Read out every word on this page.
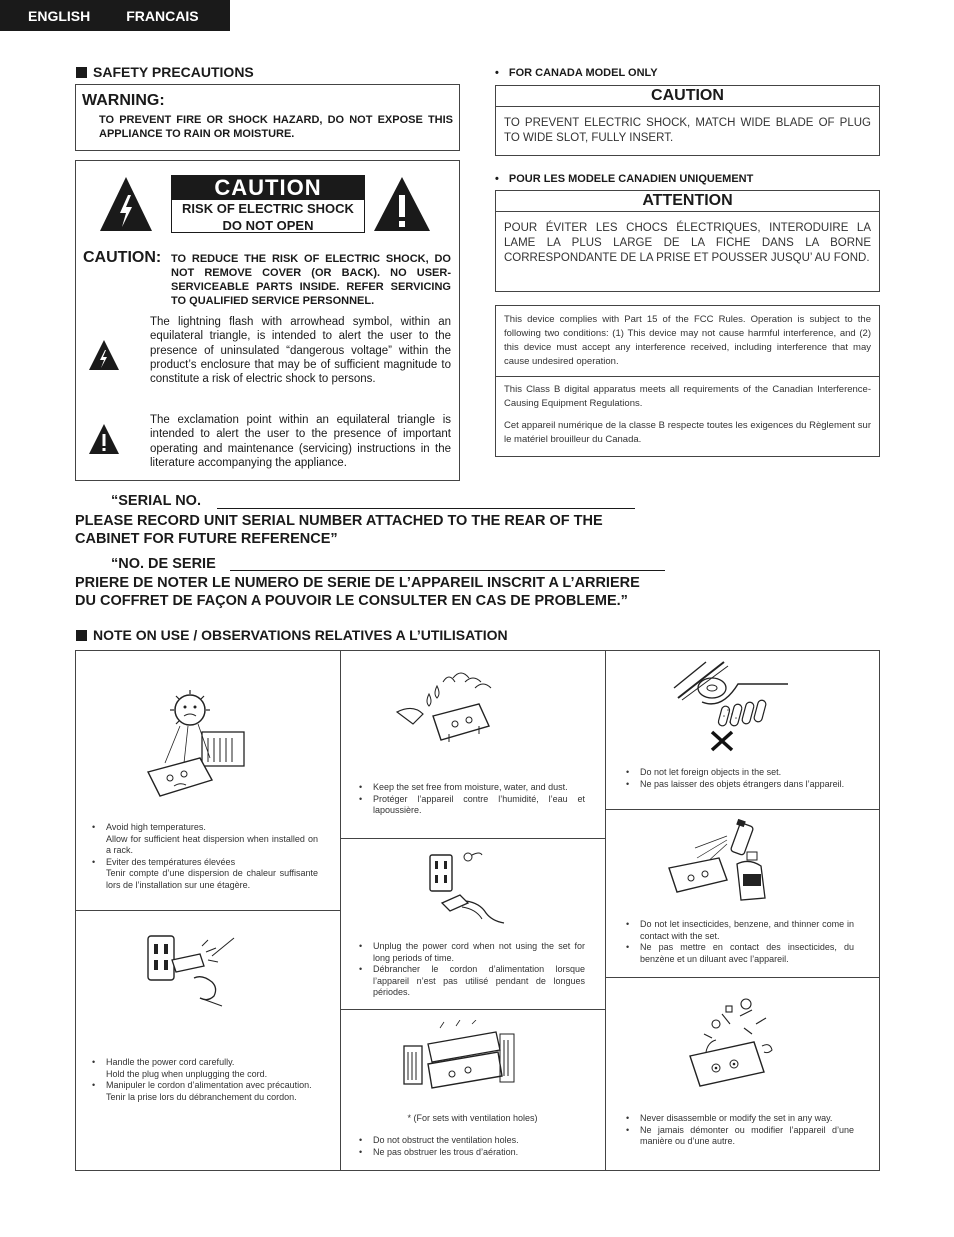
ENGLISH	FRANCAIS
SAFETY PRECAUTIONS
WARNING:
TO PREVENT FIRE OR SHOCK HAZARD, DO NOT EXPOSE THIS APPLIANCE TO RAIN OR MOISTURE.
CAUTION
RISK OF ELECTRIC SHOCK
DO NOT OPEN
CAUTION: TO REDUCE THE RISK OF ELECTRIC SHOCK, DO NOT REMOVE COVER (OR BACK). NO USER-SERVICEABLE PARTS INSIDE. REFER SERVICING TO QUALIFIED SERVICE PERSONNEL.
The lightning flash with arrowhead symbol, within an equilateral triangle, is intended to alert the user to the presence of uninsulated “dangerous voltage” within the product’s enclosure that may be of sufficient magnitude to constitute a risk of electric shock to persons.
The exclamation point within an equilateral triangle is intended to alert the user to the presence of important operating and maintenance (servicing) instructions in the literature accompanying the appliance.
• FOR CANADA MODEL ONLY
CAUTION
TO PREVENT ELECTRIC SHOCK, MATCH WIDE BLADE OF PLUG TO WIDE SLOT, FULLY INSERT.
• POUR LES MODELE CANADIEN UNIQUEMENT
ATTENTION
POUR ÉVITER LES CHOCS ÉLECTRIQUES, INTERODUIRE LA LAME LA PLUS LARGE DE LA FICHE DANS LA BORNE CORRESPONDANTE DE LA PRISE ET POUSSER JUSQU’ AU FOND.
This device complies with Part 15 of the FCC Rules. Operation is subject to the following two conditions: (1) This device may not cause harmful interference, and (2) this device must accept any interference received, including interference that may cause undesired operation.
This Class B digital apparatus meets all requirements of the Canadian Interference-Causing Equipment Regulations.
Cet appareil numérique de la classe B respecte toutes les exigences du Règlement sur le matériel brouilleur du Canada.
“SERIAL NO.
PLEASE RECORD UNIT SERIAL NUMBER ATTACHED TO THE REAR OF THE
CABINET FOR FUTURE REFERENCE”
“NO. DE SERIE
PRIERE DE NOTER LE NUMERO DE SERIE DE L’APPAREIL INSCRIT A L’ARRIERE
DU COFFRET DE FAÇON A POUVOIR LE CONSULTER EN CAS DE PROBLEME.”
NOTE ON USE / OBSERVATIONS RELATIVES A L’UTILISATION
• Avoid high temperatures.
Allow for sufficient heat dispersion when installed on a rack.
• Eviter des températures élevées
Tenir compte d’une dispersion de chaleur suffisante lors de l’installation sur une étagère.
• Handle the power cord carefully.
Hold the plug when unplugging the cord.
• Manipuler le cordon d’alimentation avec précaution.
Tenir la prise lors du débranchement du cordon.
• Keep the set free from moisture, water, and dust.
• Protéger l’appareil contre l’humidité, l’eau et lapoussière.
• Unplug the power cord when not using the set for long periods of time.
• Débrancher le cordon d’alimentation lorsque l’appareil n’est pas utilisé pendant de longues périodes.
* (For sets with ventilation holes)
• Do not obstruct the ventilation holes.
• Ne pas obstruer les trous d’aération.
• Do not let foreign objects in the set.
• Ne pas laisser des objets étrangers dans l’appareil.
• Do not let insecticides, benzene, and thinner come in contact with the set.
• Ne pas mettre en contact des insecticides, du benzène et un diluant avec l’appareil.
• Never disassemble or modify the set in any way.
• Ne jamais démonter ou modifier l’appareil d’une manière ou d’une autre.
